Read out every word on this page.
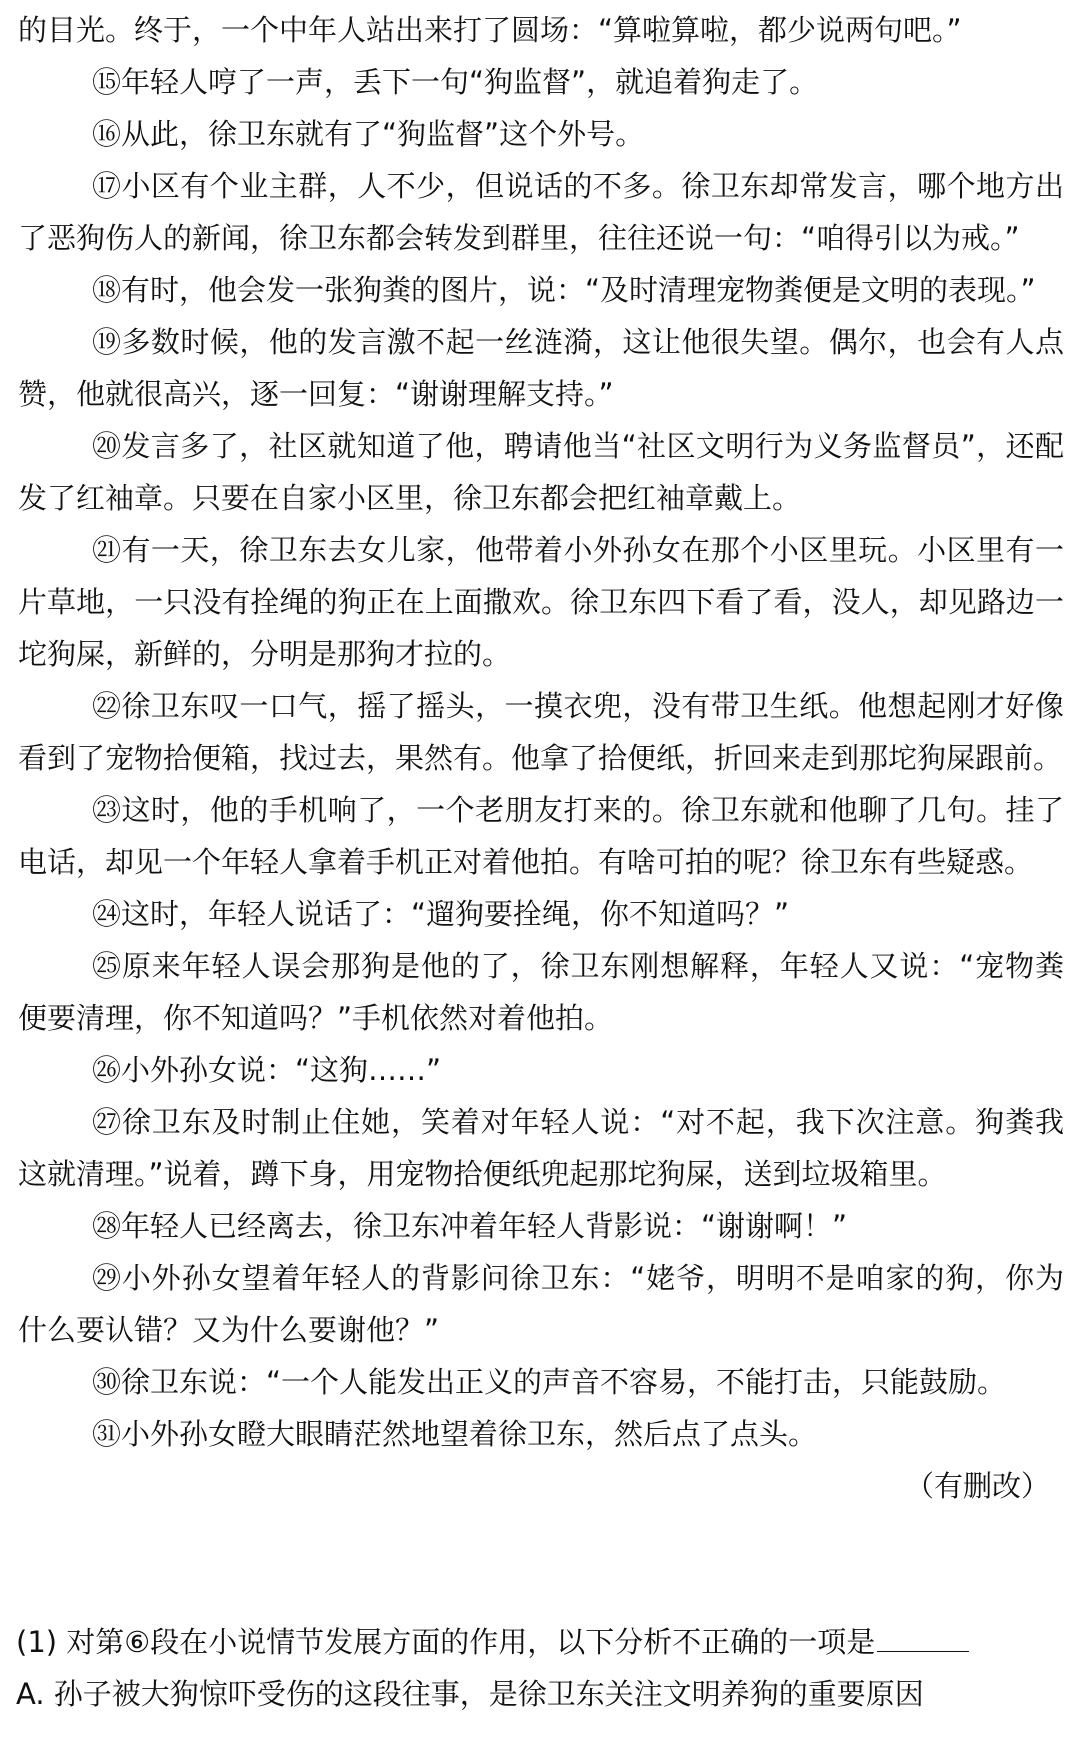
的目光。终于，一个中年人站出来打了圆场：“算啦算啦，都少说两句吧。”

⑮年轻人哼了一声，丢下一句“狗监督”，就追着狗走了。

⑯从此，徐卫东就有了“狗监督”这个外号。

⑰小区有个业主群，人不少，但说话的不多。徐卫东却常发言，哪个地方出了恶狗伤人的新闻，徐卫东都会转发到群里，往往还说一句：“咱得引以为戒。”

⑱有时，他会发一张狗粪的图片，说：“及时清理宠物粪便是文明的表现。”

⑲多数时候，他的发言激不起一丝涟漪，这让他很失望。偶尔，也会有人点赞，他就很高兴，逐一回复：“谢谢理解支持。”

⑳发言多了，社区就知道了他，聘请他当“社区文明行为义务监督员”，还配发了红袖章。只要在自家小区里，徐卫东都会把红袖章戴上。

㉑有一天，徐卫东去女儿家，他带着小外孙女在那个小区里玩。小区里有一片草地，一只没有拴绳的狗正在上面撒欢。徐卫东四下看了看，没人，却见路边一坨狗屎，新鲜的，分明是那狗才拉的。

㉒徐卫东叹一口气，摇了摇头，一摸衣兜，没有带卫生纸。他想起刚才好像看到了宠物拾便箱，找过去，果然有。他拿了拾便纸，折回来走到那坨狗屎跟前。

㉓这时，他的手机响了，一个老朋友打来的。徐卫东就和他聊了几句。挂了电话，却见一个年轻人拿着手机正对着他拍。有啥可拍的呢？徐卫东有些疑惑。

㉔这时，年轻人说话了：“遛狗要拴绳，你不知道吗？”

㉕原来年轻人误会那狗是他的了，徐卫东刚想解释，年轻人又说：“宠物粪便要清理，你不知道吗？”手机依然对着他拍。

㉖小外孙女说：“这狗……”

㉗徐卫东及时制止住她，笑着对年轻人说：“对不起，我下次注意。狗粪我这就清理。”说着，蹲下身，用宠物拾便纸兜起那坨狗屎，送到垃圾箱里。

㉘年轻人已经离去，徐卫东冲着年轻人背影说：“谢谢啊！”

㉙小外孙女望着年轻人的背影问徐卫东：“姥爷，明明不是咱家的狗，你为什么要认错？又为什么要谢他？”

㉚徐卫东说：“一个人能发出正义的声音不容易，不能打击，只能鼓励。

㉛小外孙女瞪大眼睛茫然地望着徐卫东，然后点了点头。

（有删改）

(1) 对第⑥段在小说情节发展方面的作用，以下分析不正确的一项是

A. 孙子被大狗惊吓受伤的这段往事，是徐卫东关注文明养狗的重要原因
